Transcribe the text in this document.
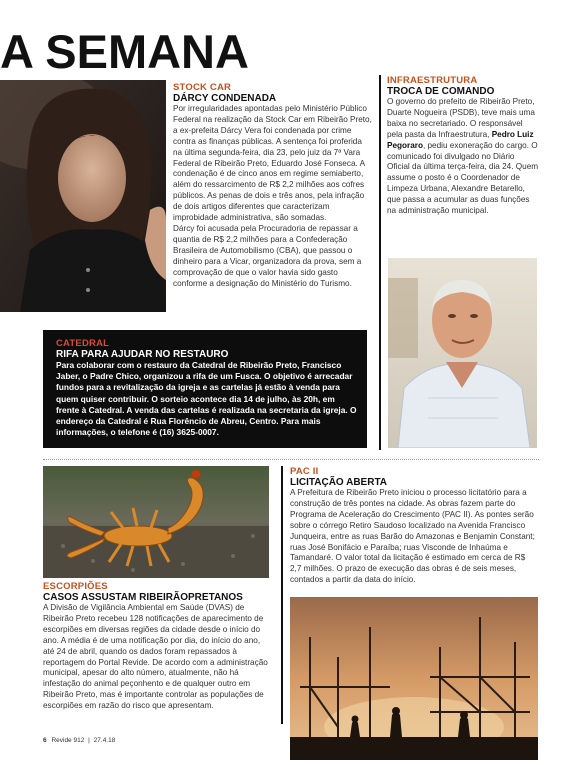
A SEMANA
STOCK CAR
DÁRCY CONDENADA
Por irregularidades apontadas pelo Ministério Público Federal na realização da Stock Car em Ribeirão Preto, a ex-prefeita Dárcy Vera foi condenada por crime contra as finanças públicas. A sentença foi proferida na última segunda-feira, dia 23, pelo juiz da 7ª Vara Federal de Ribeirão Preto, Eduardo José Fonseca. A condenação é de cinco anos em regime semiaberto, além do ressarcimento de R$ 2,2 milhões aos cofres públicos. As penas de dois e três anos, pela infração de dois artigos diferentes que caracterizam improbidade administrativa, são somadas.
Dárcy foi acusada pela Procuradoria de repassar a quantia de R$ 2,2 milhões para a Confederação Brasileira de Automobilismo (CBA), que passou o dinheiro para a Vicar, organizadora da prova, sem a comprovação de que o valor havia sido gasto conforme a designação do Ministério do Turismo.
INFRAESTRUTURA
TROCA DE COMANDO
O governo do prefeito de Ribeirão Preto, Duarte Nogueira (PSDB), teve mais uma baixa no secretariado. O responsável pela pasta da Infraestrutura, Pedro Luiz Pegoraro, pediu exoneração do cargo. O comunicado foi divulgado no Diário Oficial da última terça-feira, dia 24. Quem assume o posto é o Coordenador de Limpeza Urbana, Alexandre Betarello, que passa a acumular as duas funções na administração municipal.
CATEDRAL
RIFA PARA AJUDAR NO RESTAURO
Para colaborar com o restauro da Catedral de Ribeirão Preto, Francisco Jaber, o Padre Chico, organizou a rifa de um Fusca. O objetivo é arrecadar fundos para a revitalização da igreja e as cartelas já estão à venda para quem quiser contribuir. O sorteio acontece dia 14 de julho, às 20h, em frente à Catedral. A venda das cartelas é realizada na secretaria da igreja. O endereço da Catedral é Rua Florêncio de Abreu, Centro. Para mais informações, o telefone é (16) 3625-0007.
ESCORPIÕES
CASOS ASSUSTAM RIBEIRÃOPRETANOS
A Divisão de Vigilância Ambiental em Saúde (DVAS) de Ribeirão Preto recebeu 128 notificações de aparecimento de escorpiões em diversas regiões da cidade desde o início do ano. A média é de uma notificação por dia, do início do ano, até 24 de abril, quando os dados foram repassados à reportagem do Portal Revide. De acordo com a administração municipal, apesar do alto número, atualmente, não há infestação do animal peçonhento e de qualquer outro em Ribeirão Preto, mas é importante controlar as populações de escorpiões em razão do risco que apresentam.
PAC II
LICITAÇÃO ABERTA
A Prefeitura de Ribeirão Preto iniciou o processo licitatório para a construção de três pontes na cidade. As obras fazem parte do Programa de Aceleração do Crescimento (PAC II). As pontes serão sobre o córrego Retiro Saudoso localizado na Avenida Francisco Junqueira, entre as ruas Barão do Amazonas e Benjamin Constant; ruas José Bonifácio e Paraíba; ruas Visconde de Inhaúma e Tamandaré. O valor total da licitação é estimado em cerca de R$ 2,7 milhões. O prazo de execução das obras é de seis meses, contados a partir da data do início.
6 Revide 912 | 27.4.18
